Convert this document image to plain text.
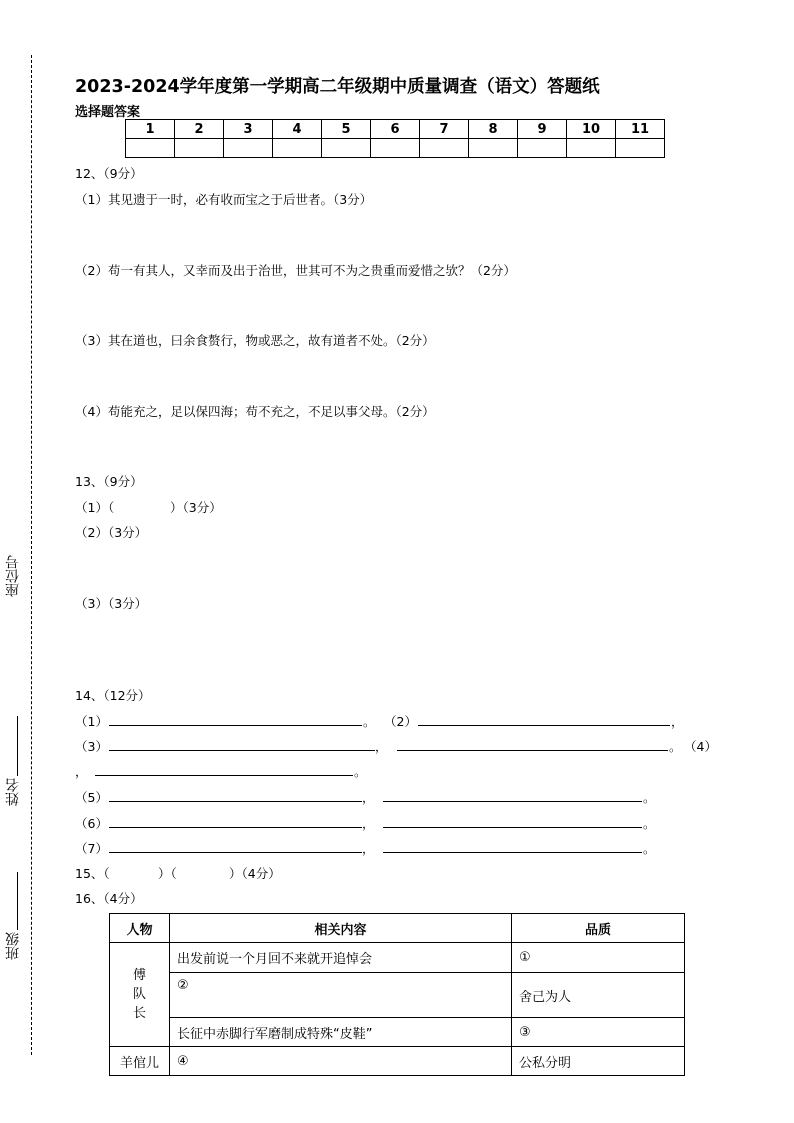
座位号
姓名
班级
2023-2024学年度第一学期高二年级期中质量调查（语文）答题纸
选择题答案
1	2	3	4	5	6	7	8	9	10	11

12、（9分）
（1）其见遗于一时，必有收而宝之于后世者。（3分）
（2）苟一有其人，又幸而及出于治世，世其可不为之贵重而爱惜之欤？（2分）
（3）其在道也，曰余食赘行，物或恶之，故有道者不处。（2分）
（4）苟能充之，足以保四海；苟不充之，不足以事父母。（2分）
13、（9分）
（1）（	）（3分）
（2）（3分）
（3）（3分）
14、（12分）
（1）	。 （2）	，
（3）	，	。 （4）
，	。
（5）	，	。
（6）	，	。
（7）	，	。
15、（	）（	）（4分）
16、（4分）
人物	相关内容	品质

傅队长	出发前说一个月回不来就开追悼会	①
	②	舍己为人
	长征中赤脚行军磨制成特殊“皮鞋”	③
羊倌儿	④	公私分明
